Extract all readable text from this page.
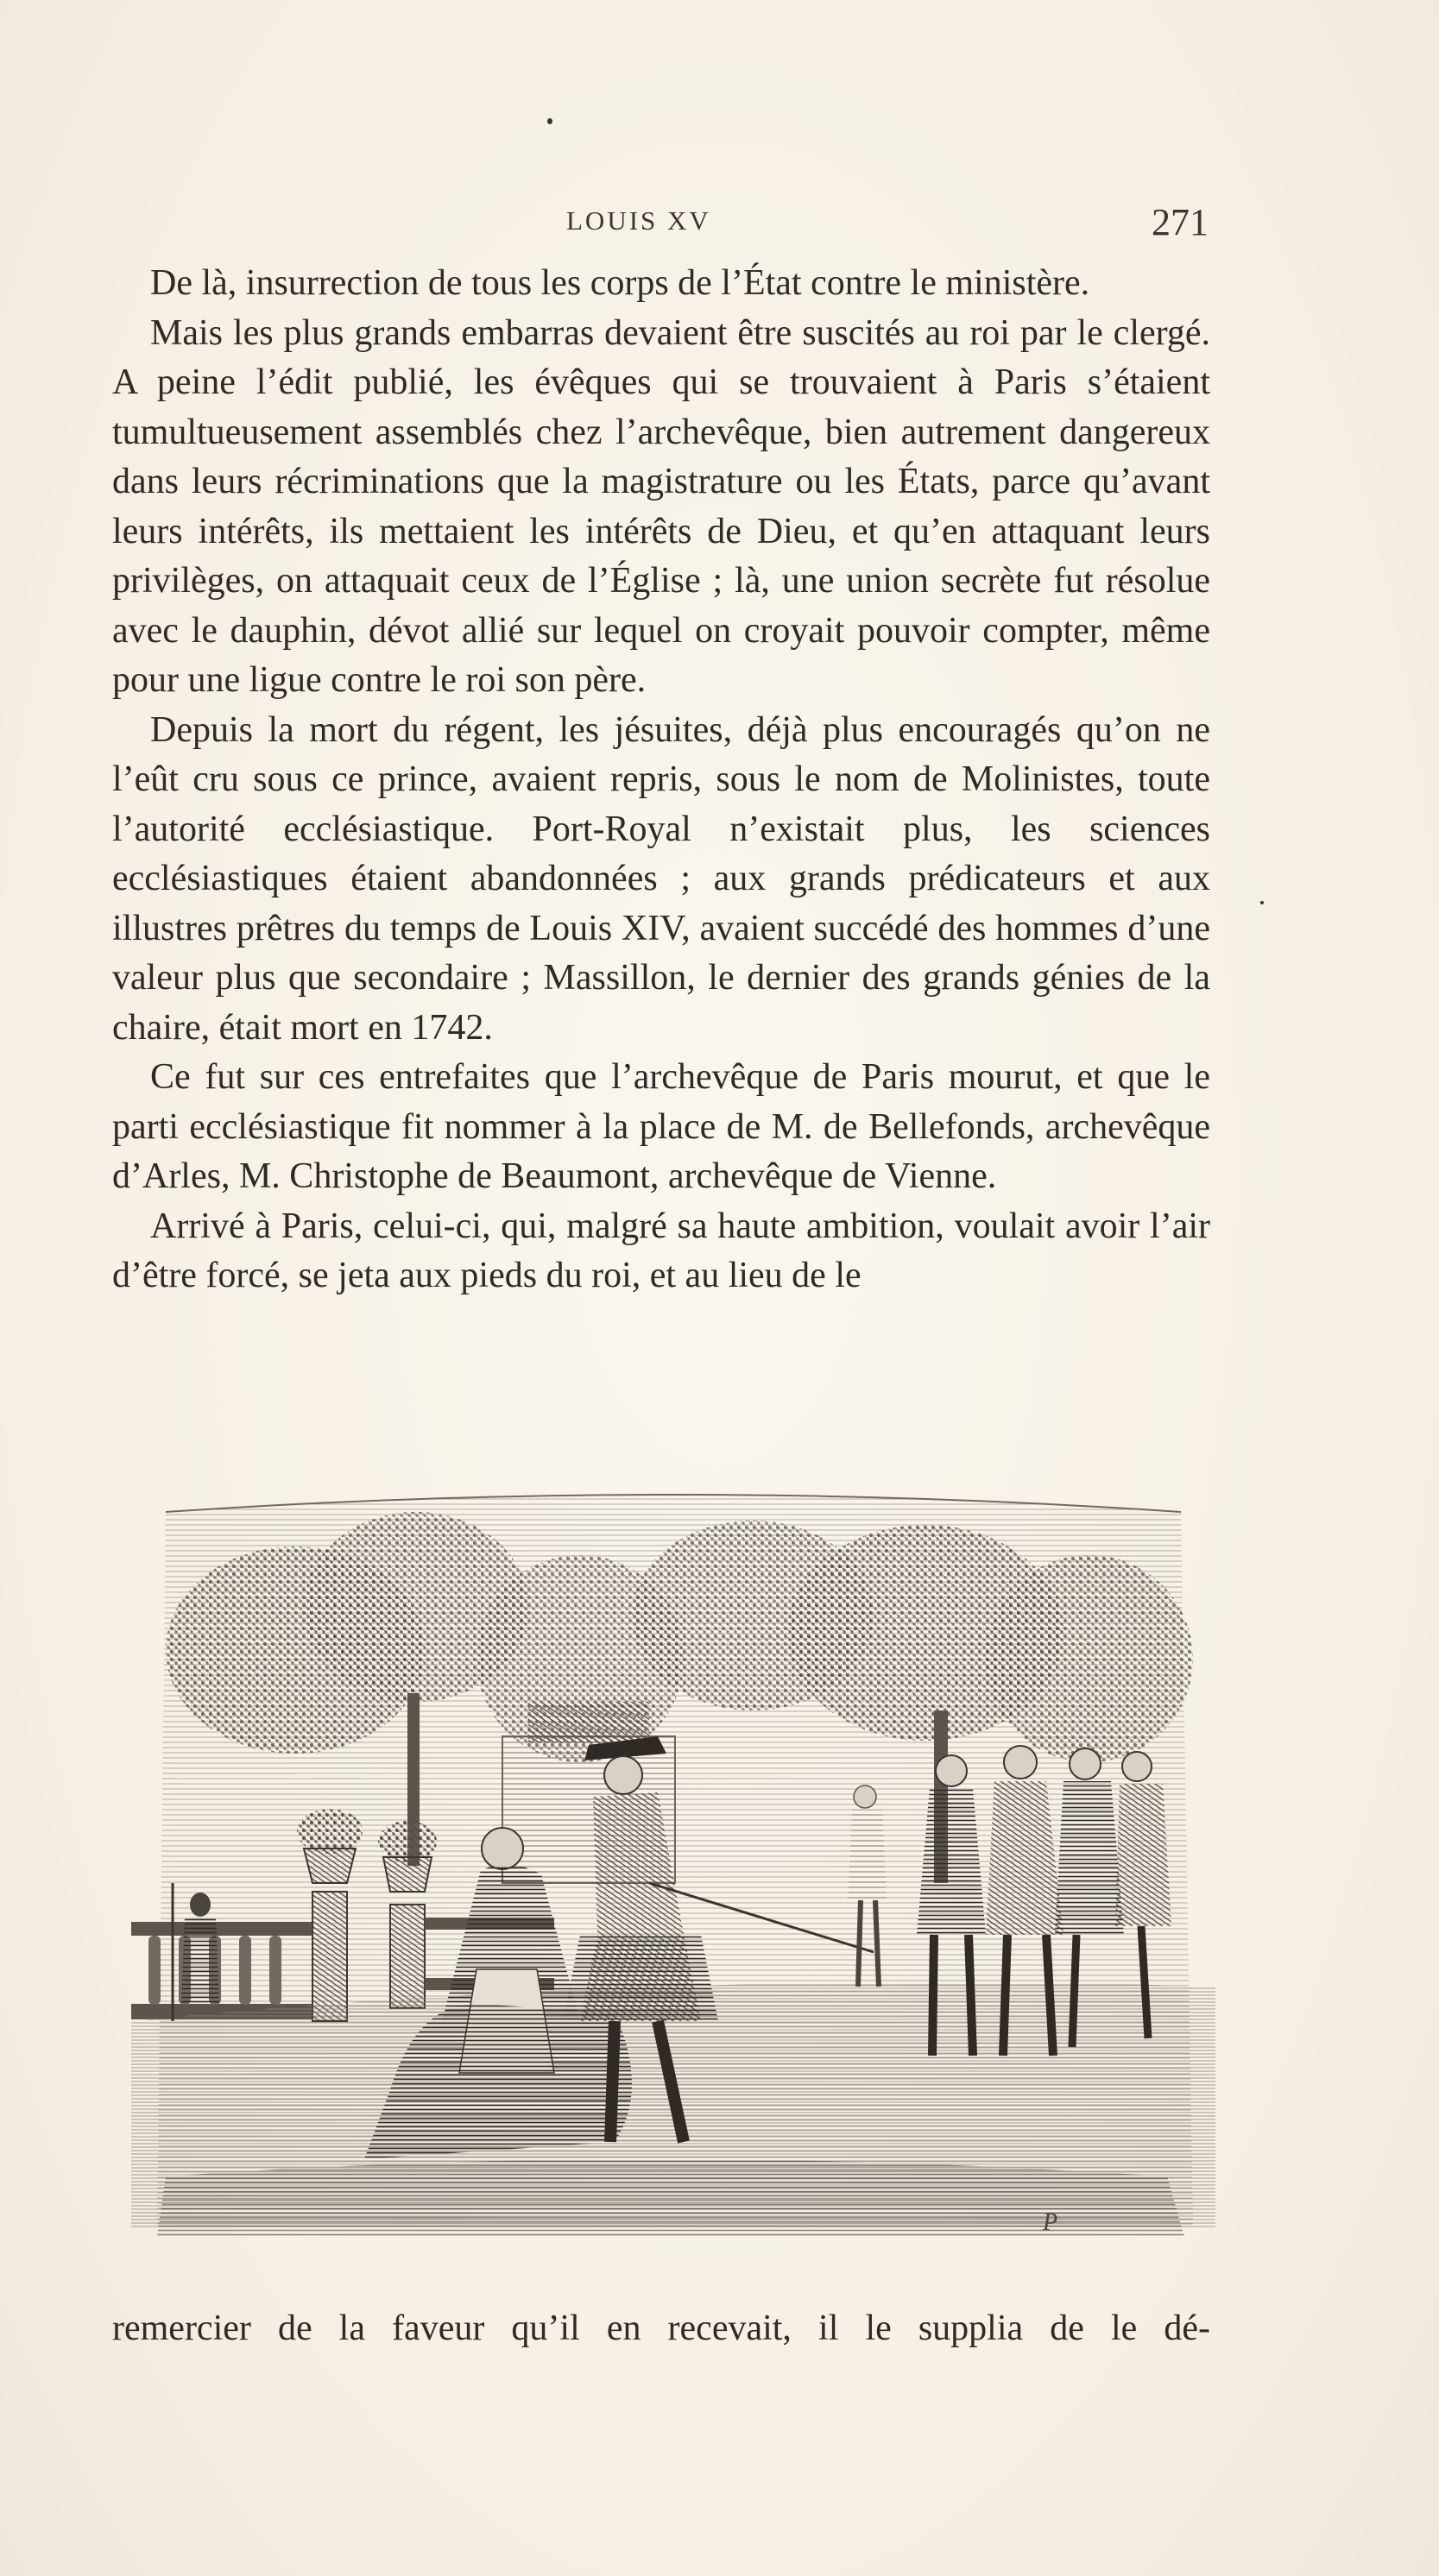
LOUIS XV	271

De là, insurrection de tous les corps de l’État contre le ministère.

Mais les plus grands embarras devaient être suscités au roi par le clergé. A peine l’édit publié, les évêques qui se trouvaient à Paris s’étaient tumultueusement assemblés chez l’archevêque, bien autrement dangereux dans leurs récriminations que la magistrature ou les États, parce qu’avant leurs intérêts, ils mettaient les intérêts de Dieu, et qu’en attaquant leurs privilèges, on attaquait ceux de l’Église ; là, une union secrète fut résolue avec le dauphin, dévot allié sur lequel on croyait pouvoir compter, même pour une ligue contre le roi son père.

Depuis la mort du régent, les jésuites, déjà plus encouragés qu’on ne l’eût cru sous ce prince, avaient repris, sous le nom de Molinistes, toute l’autorité ecclésiastique. Port-Royal n’existait plus, les sciences ecclésiastiques étaient abandonnées ; aux grands prédicateurs et aux illustres prêtres du temps de Louis XIV, avaient succédé des hommes d’une valeur plus que secondaire ; Massillon, le dernier des grands génies de la chaire, était mort en 1742.

Ce fut sur ces entrefaites que l’archevêque de Paris mourut, et que le parti ecclésiastique fit nommer à la place de M. de Bellefonds, archevêque d’Arles, M. Christophe de Beaumont, archevêque de Vienne.

Arrivé à Paris, celui-ci, qui, malgré sa haute ambition, voulait avoir l’air d’être forcé, se jeta aux pieds du roi, et au lieu de le

P

remercier de la faveur qu’il en recevait, il le supplia de le dé-
